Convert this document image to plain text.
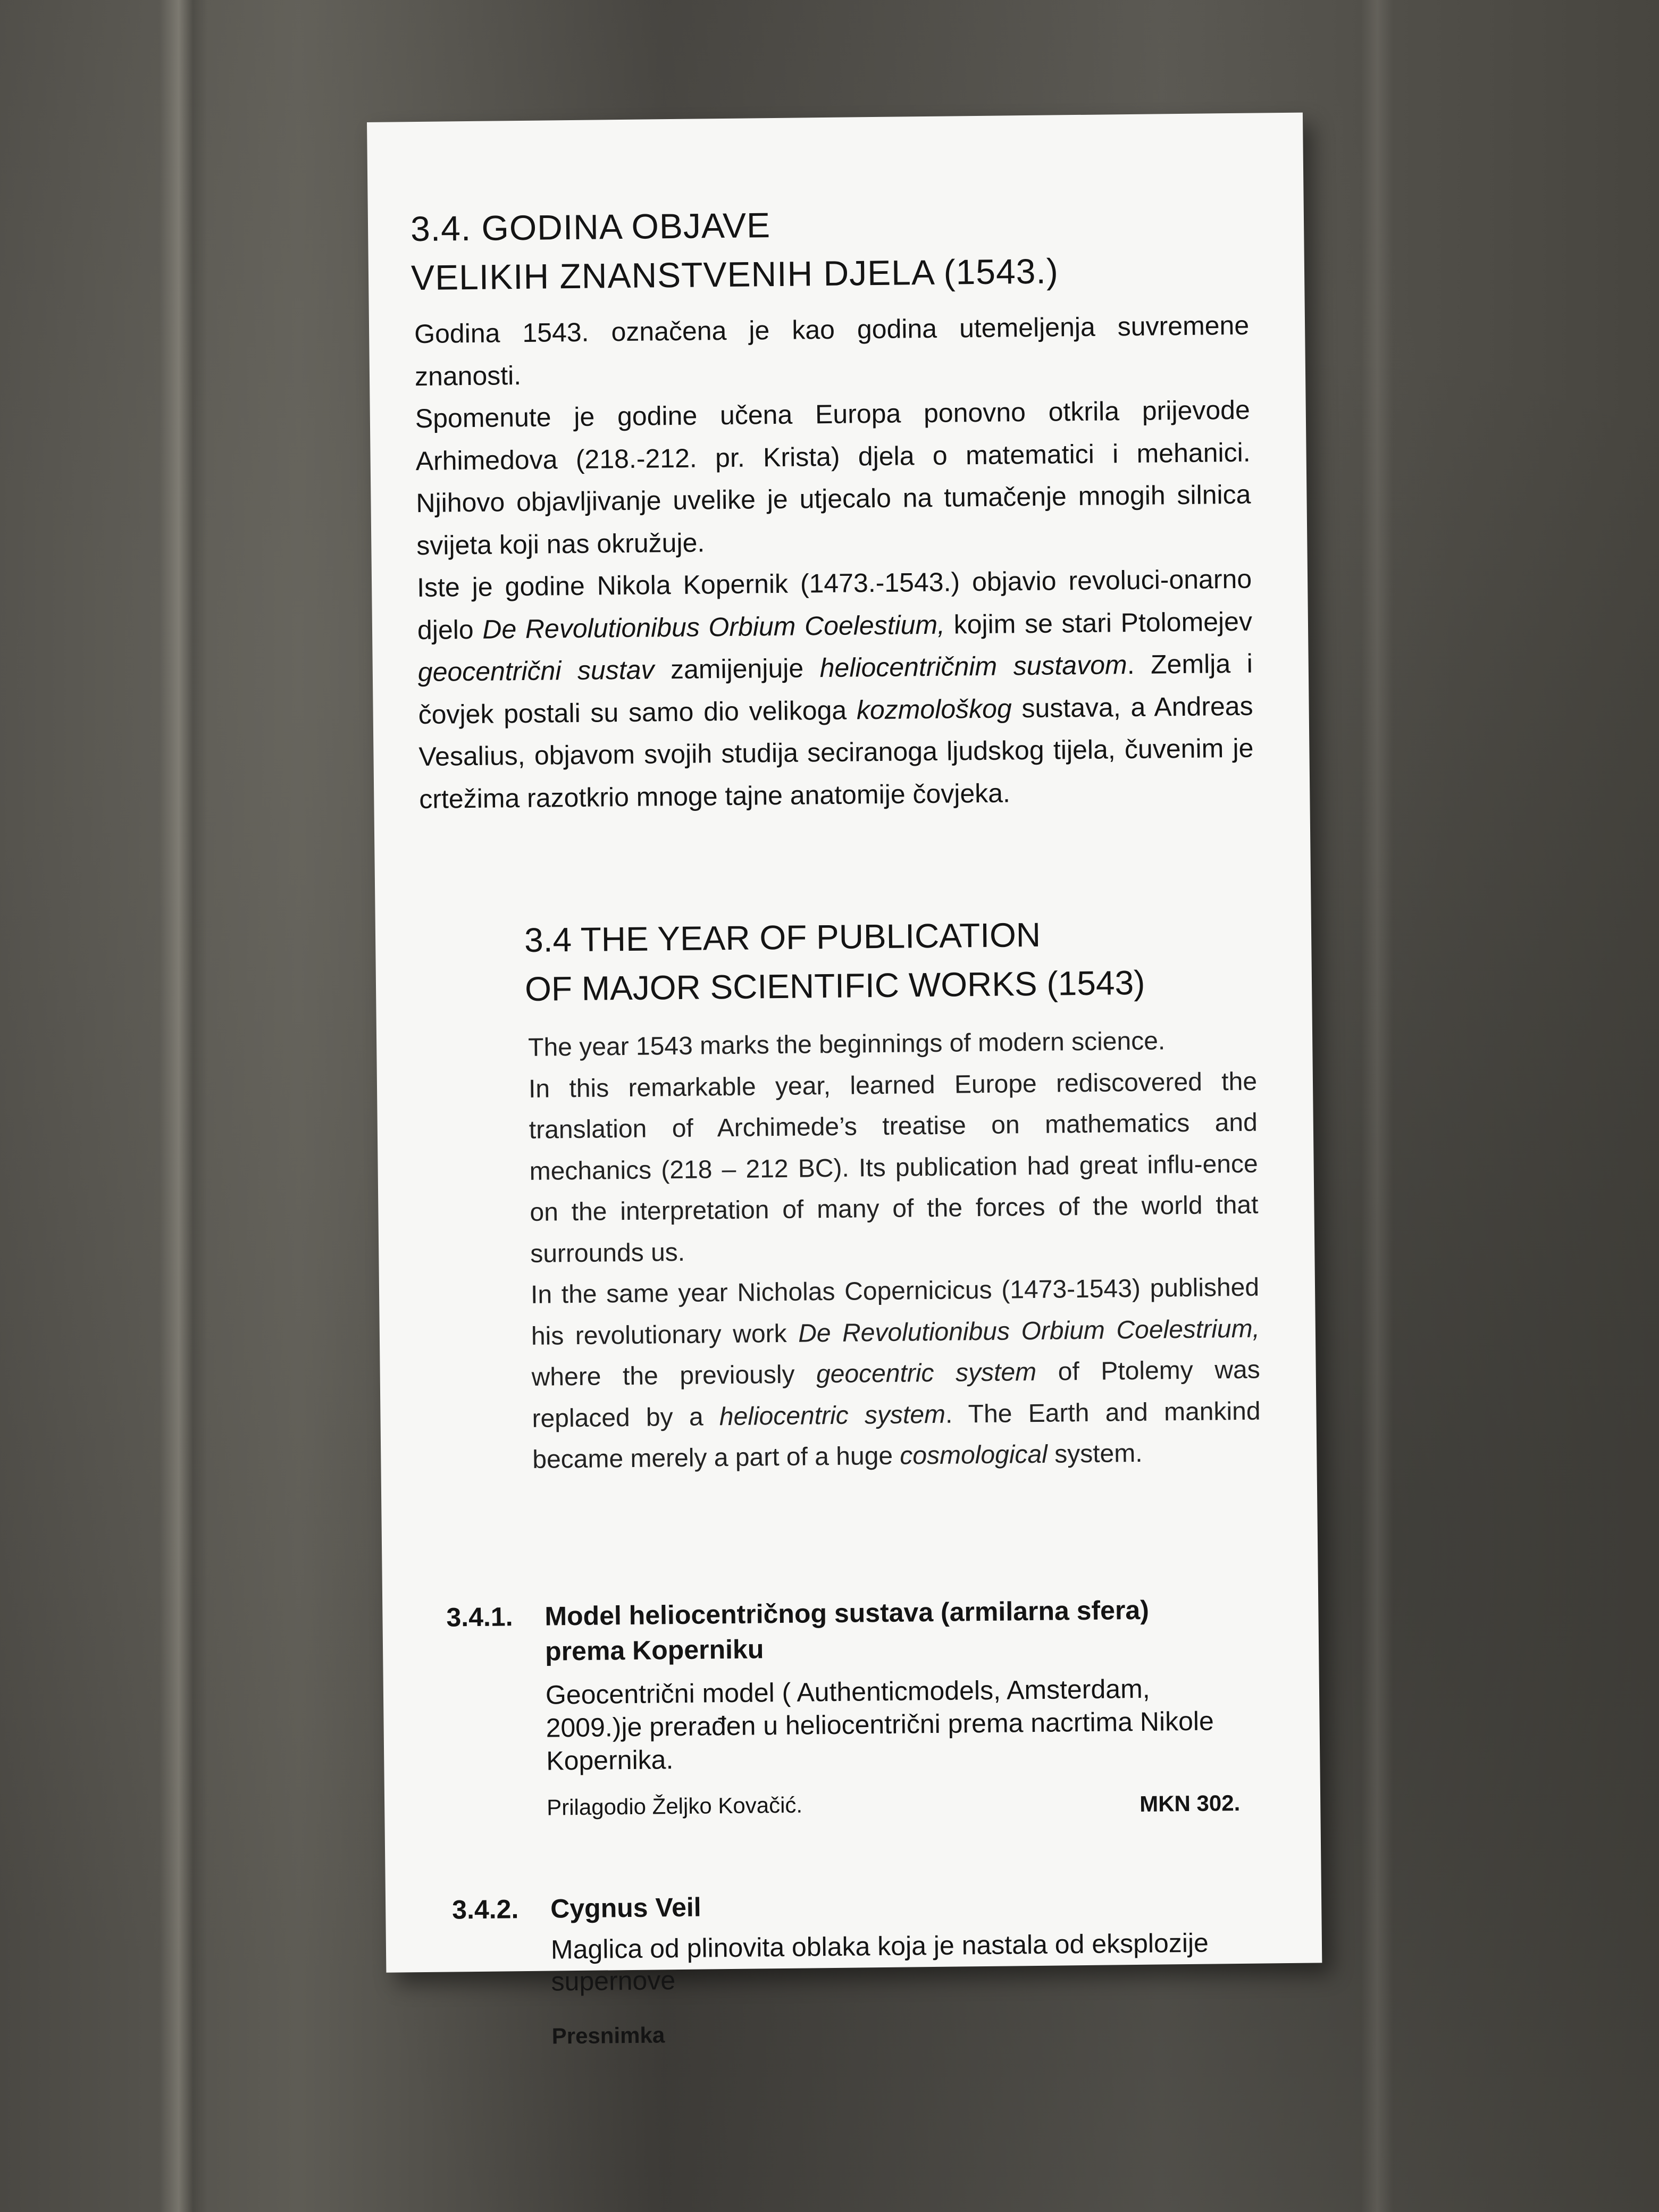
3.4. GODINA OBJAVE
VELIKIH ZNANSTVENIH DJELA (1543.)

Godina 1543. označena je kao godina utemeljenja suvremene znanosti.

Spomenute je godine učena Europa ponovno otkrila prijevode Arhimedova (218.-212. pr. Krista) djela o matematici i mehanici. Njihovo objavljivanje uvelike je utjecalo na tumačenje mnogih silnica svijeta koji nas okružuje.

Iste je godine Nikola Kopernik (1473.-1543.) objavio revoluci-onarno djelo De Revolutionibus Orbium Coelestium, kojim se stari Ptolomejev geocentrični sustav zamijenjuje heliocentričnim sustavom. Zemlja i čovjek postali su samo dio velikoga kozmološkog sustava, a Andreas Vesalius, objavom svojih studija seciranoga ljudskog tijela, čuvenim je crtežima razotkrio mnoge tajne anatomije čovjeka.

3.4 THE YEAR OF PUBLICATION
OF MAJOR SCIENTIFIC WORKS (1543)

The year 1543 marks the beginnings of modern science.

In this remarkable year, learned Europe rediscovered the translation of Archimede’s treatise on mathematics and mechanics (218 – 212 BC). Its publication had great influ-ence on the interpretation of many of the forces of the world that surrounds us.

In the same year Nicholas Copernicicus (1473-1543) published his revolutionary work De Revolutionibus Orbium Coelestrium, where the previously geocentric system of Ptolemy was replaced by a heliocentric system. The Earth and mankind became merely a part of a huge cosmological system.

3.4.1. Model heliocentričnog sustava (armilarna sfera) prema Koperniku
Geocentrični model ( Authenticmodels, Amsterdam, 2009.)je prerađen u heliocentrični prema nacrtima Nikole Kopernika.
Prilagodio Željko Kovačić.	MKN 302.
3.4.2. Cygnus Veil
Maglica od plinovita oblaka koja je nastala od eksplozije supernove
Presnimka
